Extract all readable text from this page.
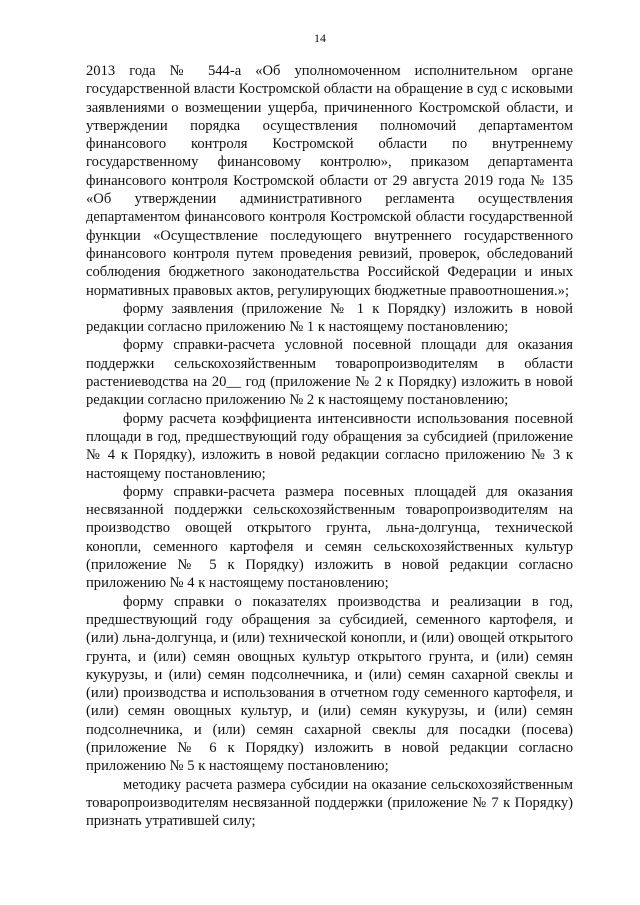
14

2013 года № 544-а «Об уполномоченном исполнительном органе государственной власти Костромской области на обращение в суд с исковыми заявлениями о возмещении ущерба, причиненного Костромской области, и утверждении порядка осуществления полномочий департаментом финансового контроля Костромской области по внутреннему государственному финансовому контролю», приказом департамента финансового контроля Костромской области от 29 августа 2019 года № 135 «Об утверждении административного регламента осуществления департаментом финансового контроля Костромской области государственной функции «Осуществление последующего внутреннего государственного финансового контроля путем проведения ревизий, проверок, обследований соблюдения бюджетного законодательства Российской Федерации и иных нормативных правовых актов, регулирующих бюджетные правоотношения.»;

форму заявления (приложение № 1 к Порядку) изложить в новой редакции согласно приложению № 1 к настоящему постановлению;

форму справки-расчета условной посевной площади для оказания поддержки сельскохозяйственным товаропроизводителям в области растениеводства на 20__ год (приложение № 2 к Порядку) изложить в новой редакции согласно приложению № 2 к настоящему постановлению;

форму расчета коэффициента интенсивности использования посевной площади в год, предшествующий году обращения за субсидией (приложение № 4 к Порядку), изложить в новой редакции согласно приложению № 3 к настоящему постановлению;

форму справки-расчета размера посевных площадей для оказания несвязанной поддержки сельскохозяйственным товаропроизводителям на производство овощей открытого грунта, льна-долгунца, технической конопли, семенного картофеля и семян сельскохозяйственных культур (приложение № 5 к Порядку) изложить в новой редакции согласно приложению № 4 к настоящему постановлению;

форму справки о показателях производства и реализации в год, предшествующий году обращения за субсидией, семенного картофеля, и (или) льна-долгунца, и (или) технической конопли, и (или) овощей открытого грунта, и (или) семян овощных культур открытого грунта, и (или) семян кукурузы, и (или) семян подсолнечника, и (или) семян сахарной свеклы и (или) производства и использования в отчетном году семенного картофеля, и (или) семян овощных культур, и (или) семян кукурузы, и (или) семян подсолнечника, и (или) семян сахарной свеклы для посадки (посева) (приложение № 6 к Порядку) изложить в новой редакции согласно приложению № 5 к настоящему постановлению;

методику расчета размера субсидии на оказание сельскохозяйственным товаропроизводителям несвязанной поддержки (приложение № 7 к Порядку) признать утратившей силу;
